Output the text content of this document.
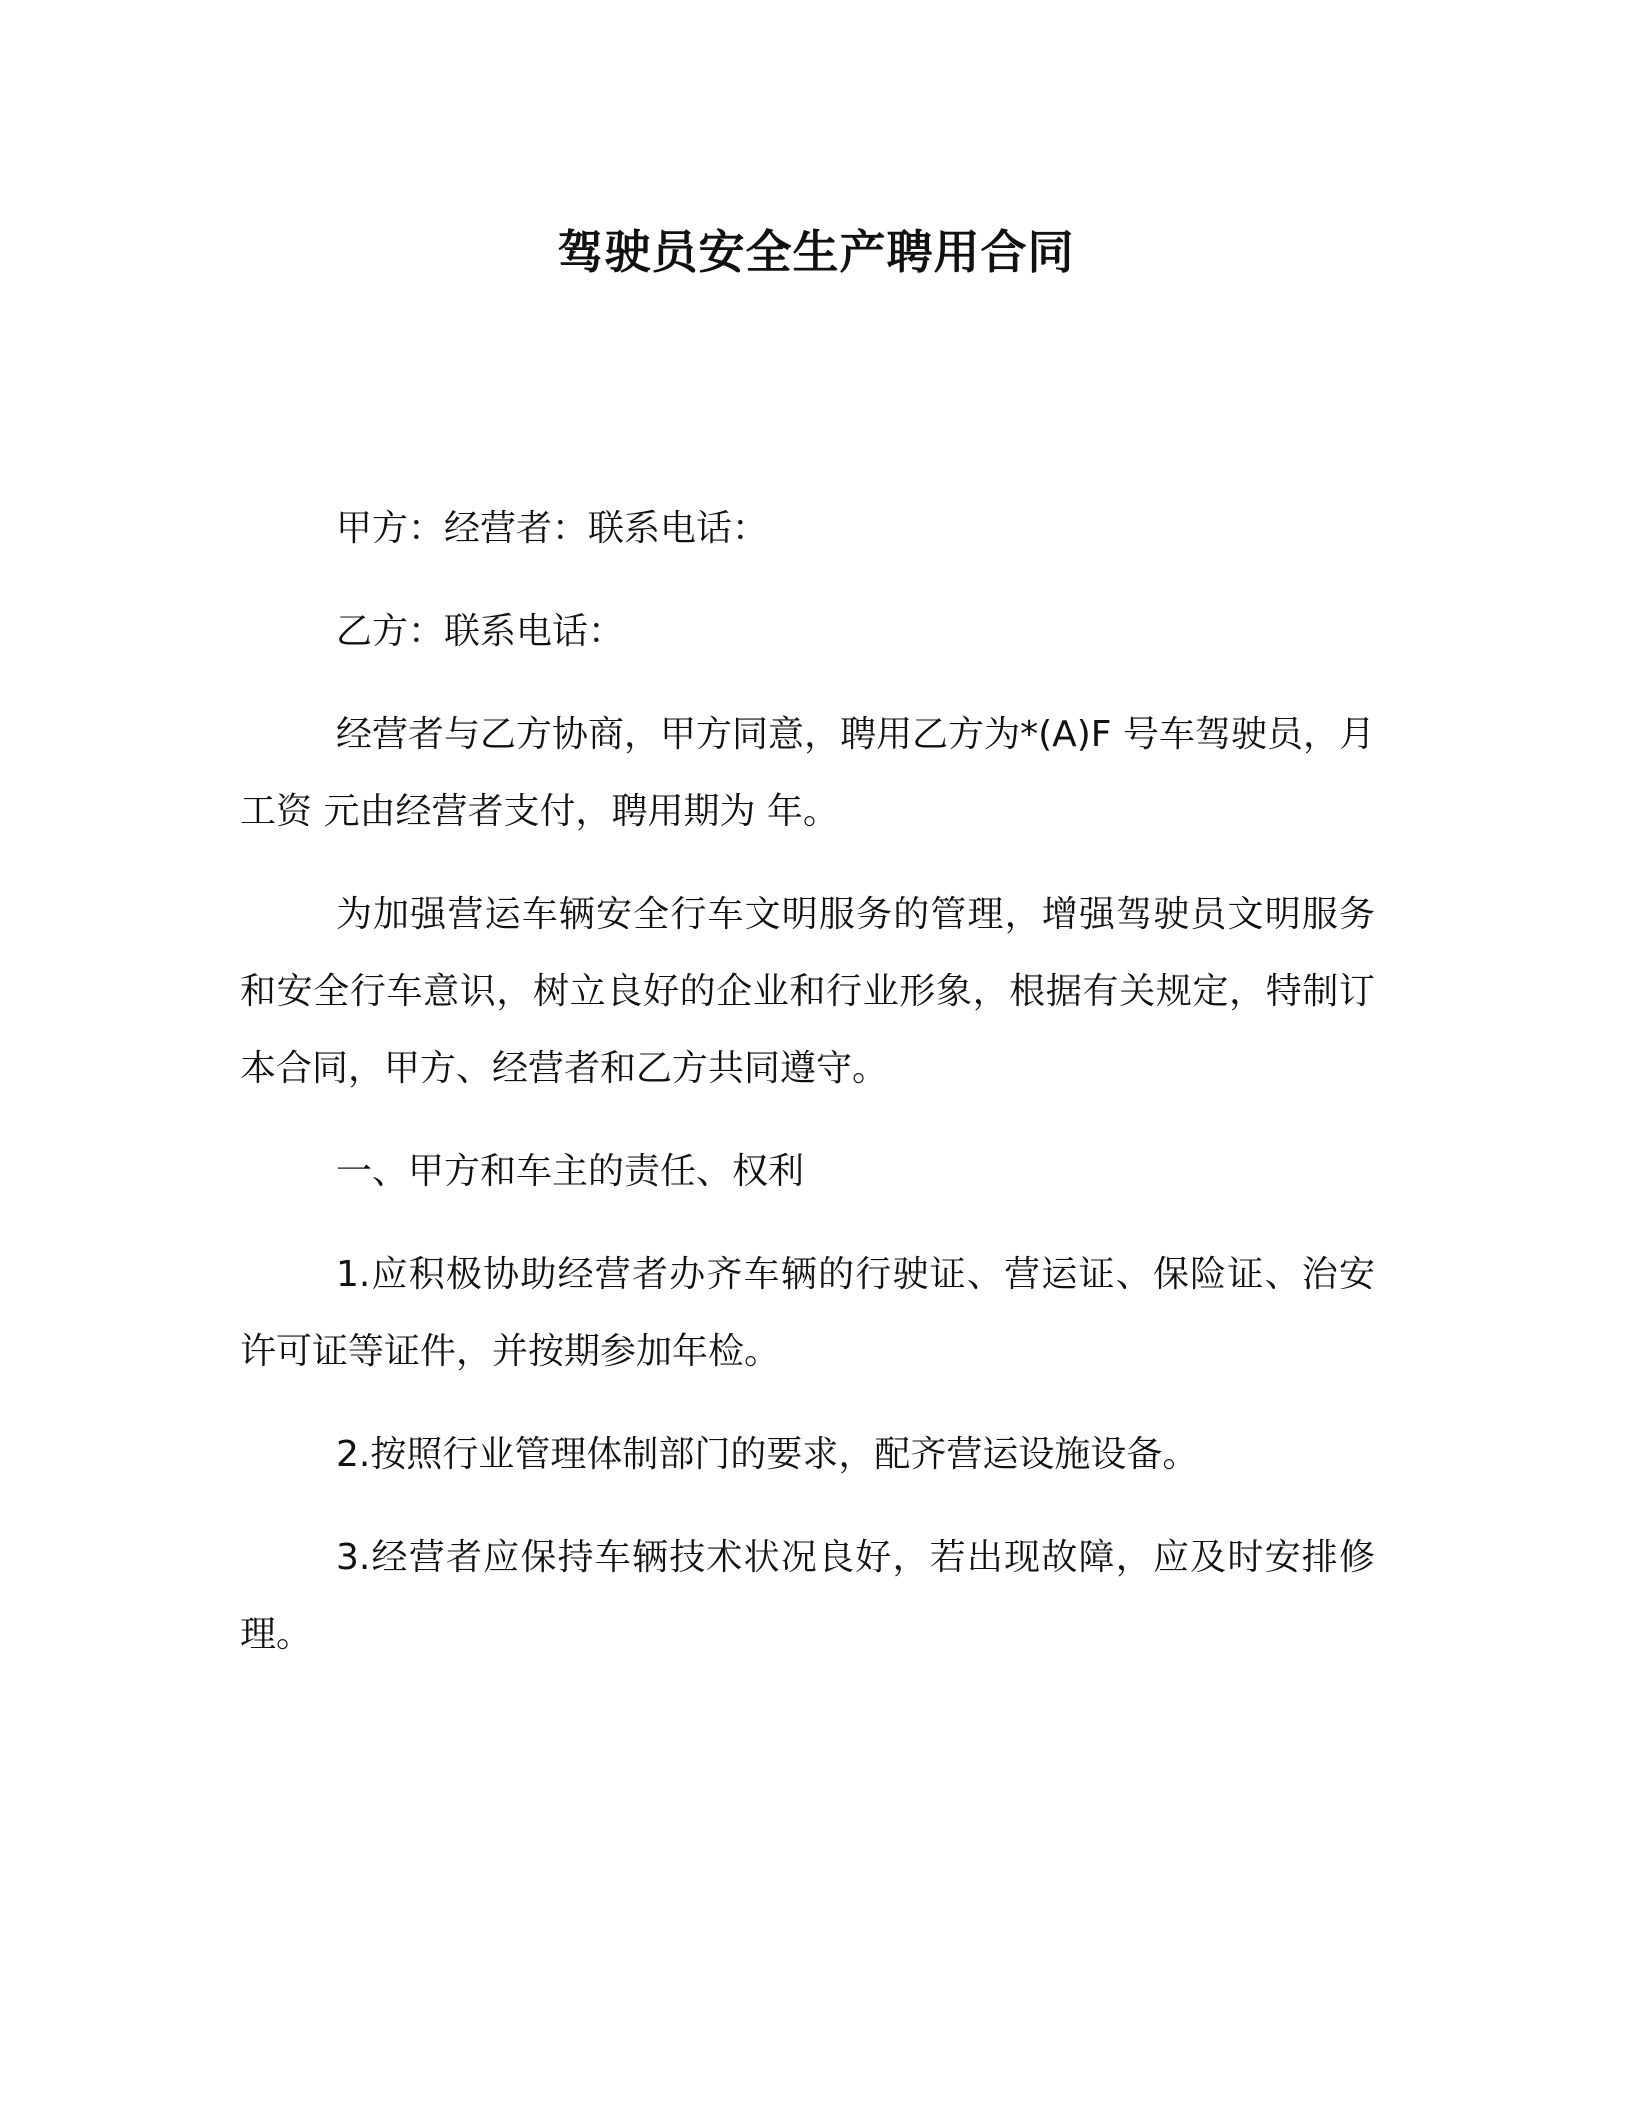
驾驶员安全生产聘用合同

甲方：经营者：联系电话：

乙方：联系电话：

经营者与乙方协商，甲方同意，聘用乙方为*(A)F 号车驾驶员，月工资 元由经营者支付，聘用期为 年。

为加强营运车辆安全行车文明服务的管理，增强驾驶员文明服务和安全行车意识，树立良好的企业和行业形象，根据有关规定，特制订本合同，甲方、经营者和乙方共同遵守。

一、甲方和车主的责任、权利

1.应积极协助经营者办齐车辆的行驶证、营运证、保险证、治安许可证等证件，并按期参加年检。

2.按照行业管理体制部门的要求，配齐营运设施设备。

3.经营者应保持车辆技术状况良好，若出现故障，应及时安排修理。
